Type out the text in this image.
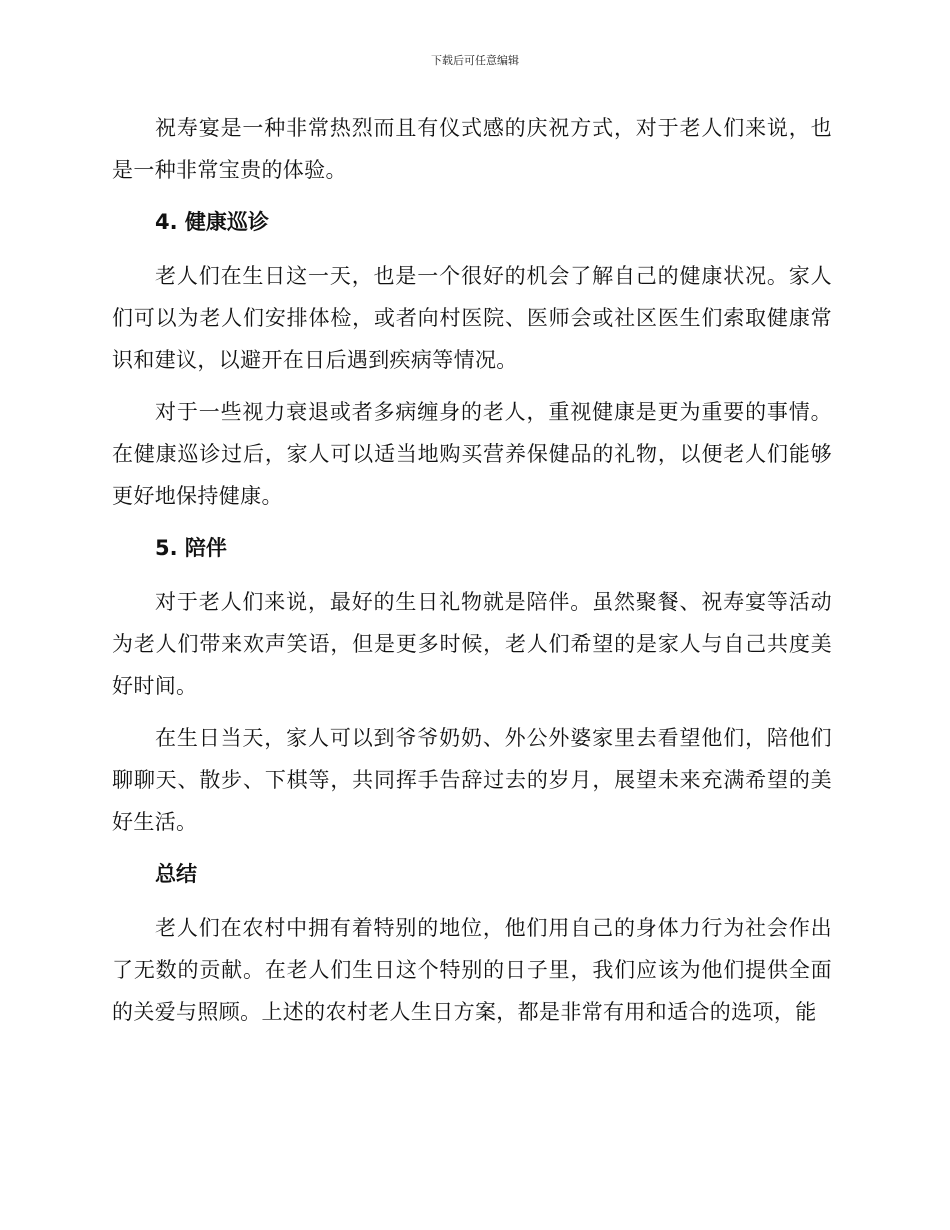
下载后可任意编辑

祝寿宴是一种非常热烈而且有仪式感的庆祝方式，对于老人们来说，也是一种非常宝贵的体验。

4. 健康巡诊

老人们在生日这一天，也是一个很好的机会了解自己的健康状况。家人们可以为老人们安排体检，或者向村医院、医师会或社区医生们索取健康常识和建议，以避开在日后遇到疾病等情况。

对于一些视力衰退或者多病缠身的老人，重视健康是更为重要的事情。在健康巡诊过后，家人可以适当地购买营养保健品的礼物，以便老人们能够更好地保持健康。

5. 陪伴

对于老人们来说，最好的生日礼物就是陪伴。虽然聚餐、祝寿宴等活动为老人们带来欢声笑语，但是更多时候，老人们希望的是家人与自己共度美好时间。

在生日当天，家人可以到爷爷奶奶、外公外婆家里去看望他们，陪他们聊聊天、散步、下棋等，共同挥手告辞过去的岁月，展望未来充满希望的美好生活。

总结

老人们在农村中拥有着特别的地位，他们用自己的身体力行为社会作出了无数的贡献。在老人们生日这个特别的日子里，我们应该为他们提供全面的关爱与照顾。上述的农村老人生日方案，都是非常有用和适合的选项，能
